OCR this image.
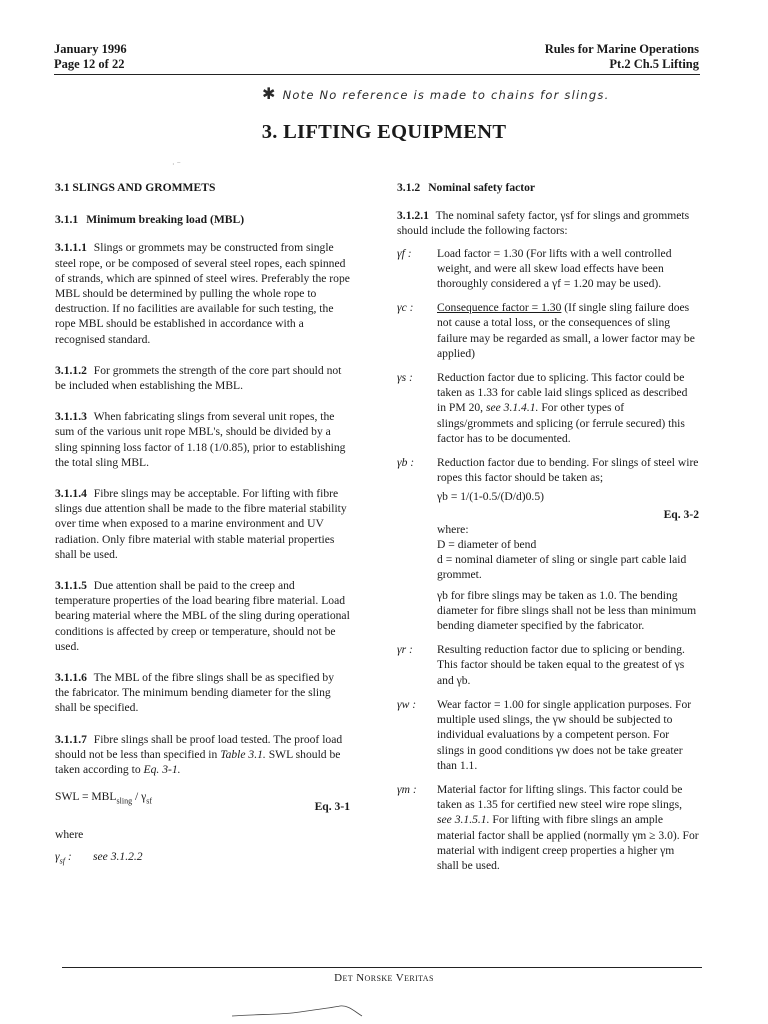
January 1996
Page 12 of 22
Rules for Marine Operations
Pt.2 Ch.5 Lifting
✱ Note No reference is made to chains for slings.
3. LIFTING EQUIPMENT
· ⁻
3.1 SLINGS AND GROMMETS
3.1.1 Minimum breaking load (MBL)
3.1.1.1 Slings or grommets may be constructed from single steel rope, or be composed of several steel ropes, each spinned of strands, which are spinned of steel wires. Preferably the rope MBL should be determined by pulling the whole rope to destruction. If no facilities are available for such testing, the rope MBL should be established in accordance with a recognised standard.
3.1.1.2 For grommets the strength of the core part should not be included when establishing the MBL.
3.1.1.3 When fabricating slings from several unit ropes, the sum of the various unit rope MBL's, should be divided by a sling spinning loss factor of 1.18 (1/0.85), prior to establishing the total sling MBL.
3.1.1.4 Fibre slings may be acceptable. For lifting with fibre slings due attention shall be made to the fibre material stability over time when exposed to a marine environment and UV radiation. Only fibre material with stable material properties shall be used.
3.1.1.5 Due attention shall be paid to the creep and temperature properties of the load bearing fibre material. Load bearing material where the MBL of the sling during operational conditions is affected by creep or temperature, should not be used.
3.1.1.6 The MBL of the fibre slings shall be as specified by the fabricator. The minimum bending diameter for the sling shall be specified.
3.1.1.7 Fibre slings shall be proof load tested. The proof load should not be less than specified in Table 3.1. SWL should be taken according to Eq. 3-1.
SWL = $MBL_{sling} / \gamma_{sf}$	Eq. 3-1
where
$\gamma_{sf}$ :	see 3.1.2.2
3.1.2 Nominal safety factor
3.1.2.1 The nominal safety factor, γsf for slings and grommets should include the following factors:
γf :	Load factor = 1.30 (For lifts with a well controlled weight, and were all skew load effects have been thoroughly considered a γf = 1.20 may be used).
γc :	Consequence factor = 1.30 (If single sling failure does not cause a total loss, or the consequences of sling failure may be regarded as small, a lower factor may be applied)
γs :	Reduction factor due to splicing. This factor could be taken as 1.33 for cable laid slings spliced as described in PM 20, see 3.1.4.1. For other types of slings/grommets and splicing (or ferrule secured) this factor has to be documented.
γb :	Reduction factor due to bending. For slings of steel wire ropes this factor should be taken as;
γb = 1/(1-0.5/(D/d)0.5)
Eq. 3-2
where:
D = diameter of bend
d = nominal diameter of sling or single part cable laid grommet.
γb for fibre slings may be taken as 1.0. The bending diameter for fibre slings shall not be less than minimum bending diameter specified by the fabricator.
γr :	Resulting reduction factor due to splicing or bending. This factor should be taken equal to the greatest of γs and γb.
γw :	Wear factor = 1.00 for single application purposes. For multiple used slings, the γw should be subjected to individual evaluations by a competent person. For slings in good conditions γw does not be take greater than 1.1.
γm :	Material factor for lifting slings. This factor could be taken as 1.35 for certified new steel wire rope slings, see 3.1.5.1. For lifting with fibre slings an ample material factor shall be applied (normally γm ≥ 3.0). For material with indigent creep properties a higher γm shall be used.
Det Norske Veritas
